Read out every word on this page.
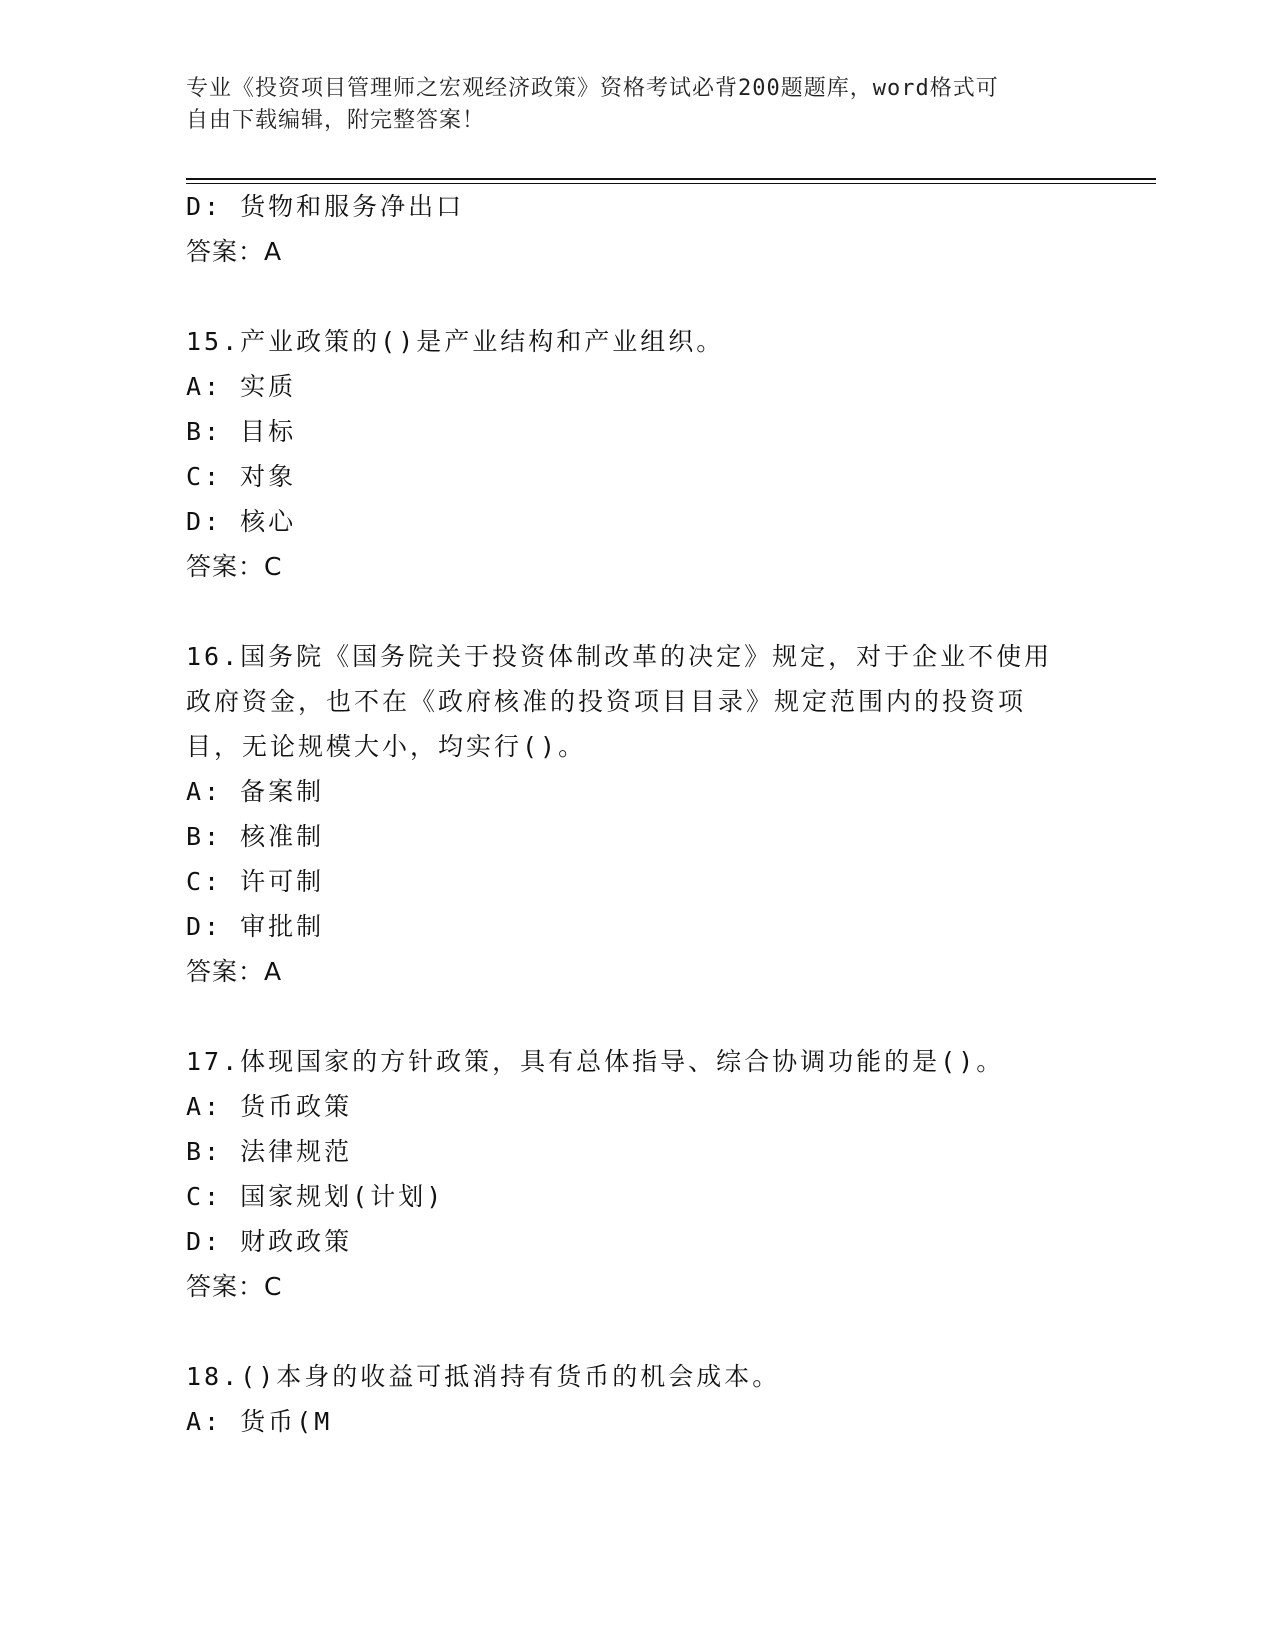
专业《投资项目管理师之宏观经济政策》资格考试必背200题题库，word格式可
自由下载编辑，附完整答案！
D: 货物和服务净出口
答案：A
15.产业政策的()是产业结构和产业组织。
A: 实质
B: 目标
C: 对象
D: 核心
答案：C
16.国务院《国务院关于投资体制改革的决定》规定，对于企业不使用
政府资金，也不在《政府核准的投资项目目录》规定范围内的投资项
目，无论规模大小，均实行()。
A: 备案制
B: 核准制
C: 许可制
D: 审批制
答案：A
17.体现国家的方针政策，具有总体指导、综合协调功能的是()。
A: 货币政策
B: 法律规范
C: 国家规划(计划)
D: 财政政策
答案：C
18.()本身的收益可抵消持有货币的机会成本。
A: 货币(M
